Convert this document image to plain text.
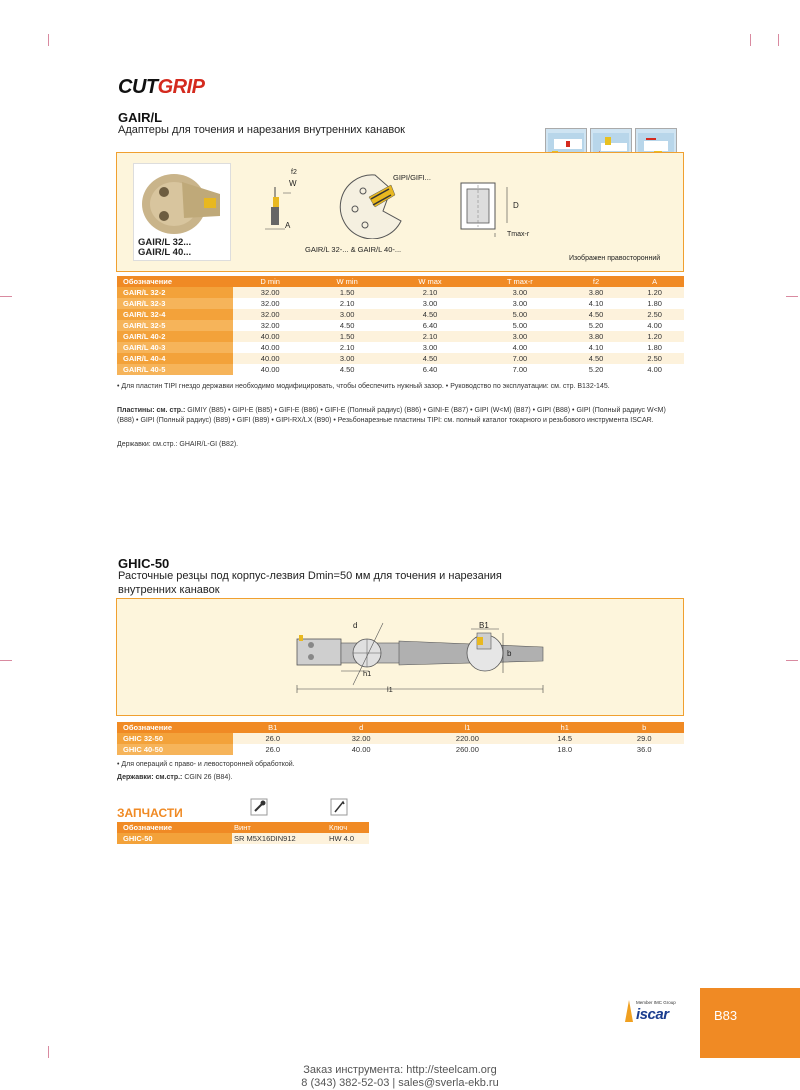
CUTGRIP
GAIR/L
Адаптеры для точения и нарезания внутренних канавок
GAIR/L 32...
GAIR/L 40...
f2
W
A
GIPI/GIFI...
GAIR/L 32-... & GAIR/L 40-...
D
Tmax-r
Изображен правосторонний
Обозначение	D min	W min	W max	T max-r	f2	A
GAIR/L 32-2	32.00	1.50	2.10	3.00	3.80	1.20
GAIR/L 32-3	32.00	2.10	3.00	3.00	4.10	1.80
GAIR/L 32-4	32.00	3.00	4.50	5.00	4.50	2.50
GAIR/L 32-5	32.00	4.50	6.40	5.00	5.20	4.00
GAIR/L 40-2	40.00	1.50	2.10	3.00	3.80	1.20
GAIR/L 40-3	40.00	2.10	3.00	4.00	4.10	1.80
GAIR/L 40-4	40.00	3.00	4.50	7.00	4.50	2.50
GAIR/L 40-5	40.00	4.50	6.40	7.00	5.20	4.00
• Для пластин TIPI гнездо державки необходимо модифицировать, чтобы обеспечить нужный зазор. • Руководство по эксплуатации: см. стр. B132-145.
Пластины: см. стр.: GIMIY (B85) • GIPI-E (B85) • GIFI-E (B86) • GIFI-E (Полный радиус) (B86) • GINI-E (B87) • GIPI (W<M) (B87) • GIPI (B88) • GIPI (Полный радиус W<M) (B88) • GIPI (Полный радиус) (B89) • GIFI (B89) • GIPI-RX/LX (B90) • Резьбонарезные пластины TIPI: см. полный каталог токарного и резьбового инструмента ISCAR.
Державки: см.стр.: GHAIR/L-GI (B82).
GHIC-50
Расточные резцы под корпус-лезвия Dmin=50 мм для точения и нарезания
внутренних канавок
d
h1
l1
B1
b
Обозначение	B1	d	l1	h1	b
GHIC 32-50	26.0	32.00	220.00	14.5	29.0
GHIC 40-50	26.0	40.00	260.00	18.0	36.0
• Для операций с право- и левосторонней обработкой.
Державки: см.стр.: CGIN 26 (B84).
ЗАПЧАСТИ
Обозначение	Винт	Ключ
GHIC-50	SR M5X16DIN912	HW 4.0
Member IMC Group
iscar	B83
Заказ инструмента: http://steelcam.org
8 (343) 382-52-03 | sales@sverla-ekb.ru
